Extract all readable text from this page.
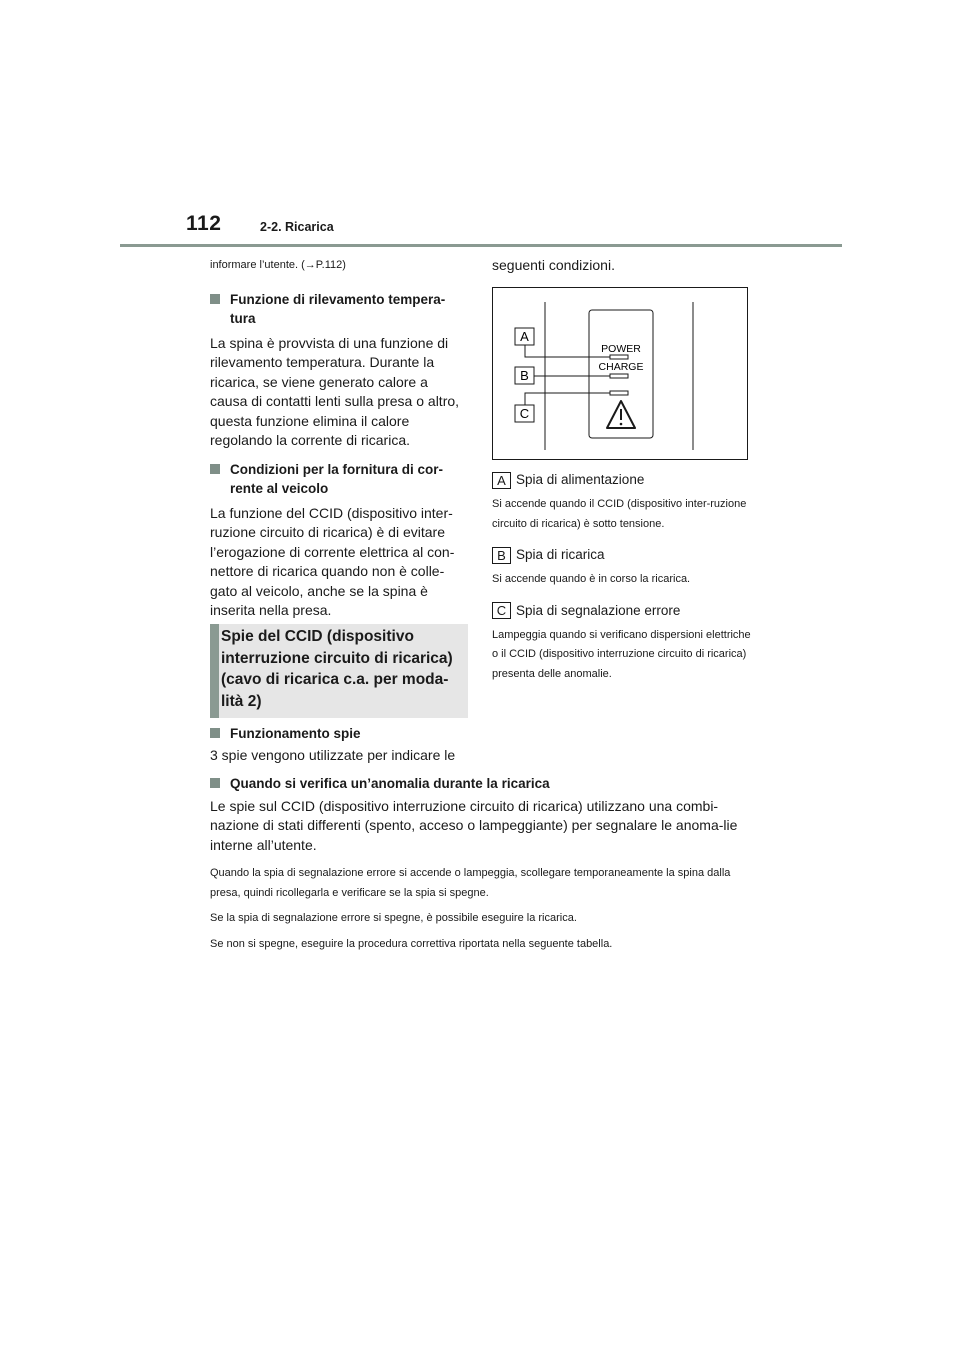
112	2-2. Ricarica

informare l’utente. (→P.112)

Funzione di rilevamento tempera-tura

La spina è provvista di una funzione di rilevamento temperatura. Durante la ricarica, se viene generato calore a causa di contatti lenti sulla presa o altro, questa funzione elimina il calore regolando la corrente di ricarica.

Condizioni per la fornitura di cor-rente al veicolo

La funzione del CCID (dispositivo inter-ruzione circuito di ricarica) è di evitare l’erogazione di corrente elettrica al con-nettore di ricarica quando non è colle-gato al veicolo, anche se la spina è inserita nella presa.

Spie del CCID (dispositivo interruzione circuito di ricarica) (cavo di ricarica c.a. per moda-lità 2)

Funzionamento spie

3 spie vengono utilizzate per indicare le

seguenti condizioni.

POWER
CHARGE
A
B
C

A Spia di alimentazione

Si accende quando il CCID (dispositivo inter-ruzione circuito di ricarica) è sotto tensione.

B Spia di ricarica

Si accende quando è in corso la ricarica.

C Spia di segnalazione errore

Lampeggia quando si verificano dispersioni elettriche o il CCID (dispositivo interruzione circuito di ricarica) presenta delle anomalie.

Quando si verifica un’anomalia durante la ricarica

Le spie sul CCID (dispositivo interruzione circuito di ricarica) utilizzano una combi-nazione di stati differenti (spento, acceso o lampeggiante) per segnalare le anoma-lie interne all’utente.

Quando la spia di segnalazione errore si accende o lampeggia, scollegare temporaneamente la spina dalla presa, quindi ricollegarla e verificare se la spia si spegne.

Se la spia di segnalazione errore si spegne, è possibile eseguire la ricarica.

Se non si spegne, eseguire la procedura correttiva riportata nella seguente tabella.
